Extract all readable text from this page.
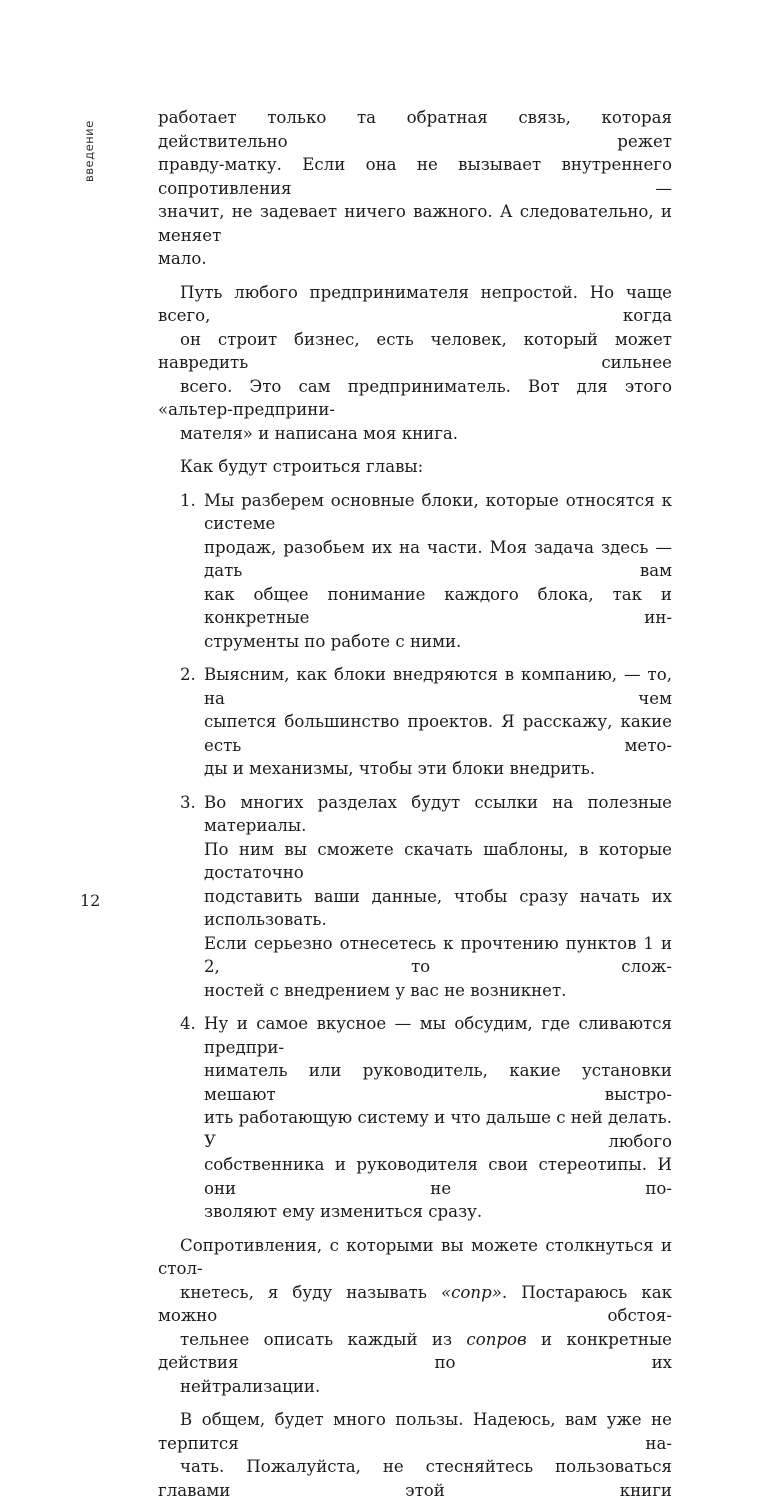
введение

работает только та обратная связь, которая действительно режет
правду-матку. Если она не вызывает внутреннего сопротивления —
значит, не задевает ничего важного. А следовательно, и меняет
мало.

Путь любого предпринимателя непростой. Но чаще всего, когда
он строит бизнес, есть человек, который может навредить сильнее
всего. Это сам предприниматель. Вот для этого «альтер-предприни-
мателя» и написана моя книга.

Как будут строиться главы:

1. Мы разберем основные блоки, которые относятся к системе
продаж, разобьем их на части. Моя задача здесь — дать вам
как общее понимание каждого блока, так и конкретные ин-
струменты по работе с ними.
2. Выясним, как блоки внедряются в компанию, — то, на чем
сыпется большинство проектов. Я расскажу, какие есть мето-
ды и механизмы, чтобы эти блоки внедрить.
3. Во многих разделах будут ссылки на полезные материалы.
По ним вы сможете скачать шаблоны, в которые достаточно
подставить ваши данные, чтобы сразу начать их использовать.
Если серьезно отнесетесь к прочтению пунктов 1 и 2, то слож-
ностей с внедрением у вас не возникнет.
4. Ну и самое вкусное — мы обсудим, где сливаются предпри-
ниматель или руководитель, какие установки мешают выстро-
ить работающую систему и что дальше с ней делать. У любого
собственника и руководителя свои стереотипы. И они не по-
зволяют ему измениться сразу.

Сопротивления, с которыми вы можете столкнуться и стол-
кнетесь, я буду называть «сопр». Постараюсь как можно обстоя-
тельнее описать каждый из сопров и конкретные действия по их
нейтрализации.

В общем, будет много пользы. Надеюсь, вам уже не терпится на-
чать. Пожалуйста, не стесняйтесь пользоваться главами этой книги

12
